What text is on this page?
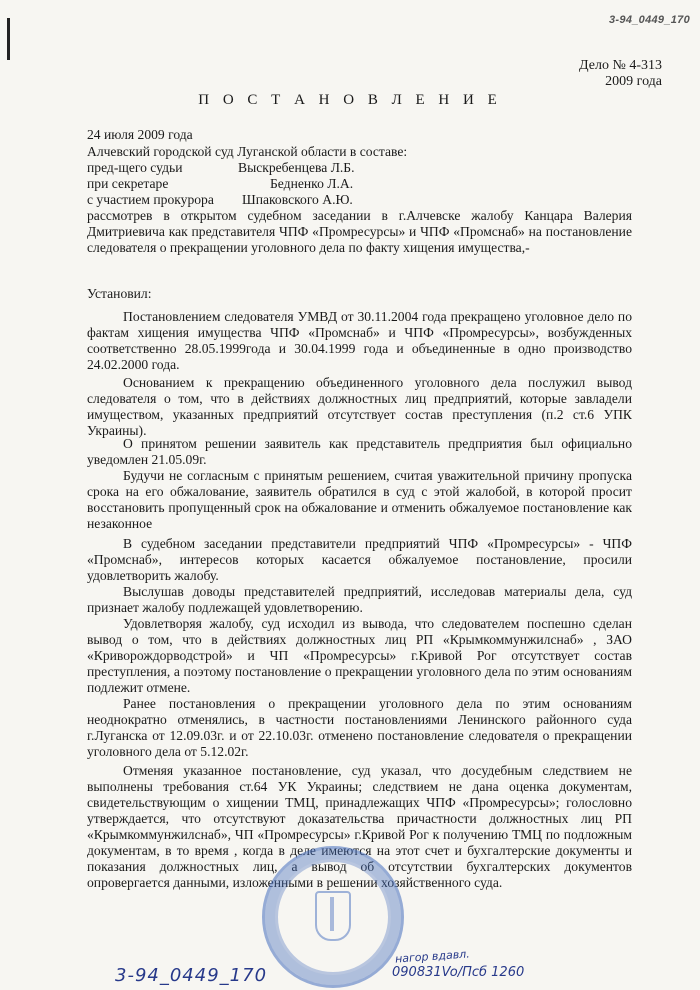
3-94_0449_170
Дело № 4-313
2009 года
П О С Т А Н О В Л Е Н И Е
24 июля 2009 года
Алчевский городской суд Луганской области в составе:
пред-щего судьи	Выскребенцева Л.Б.
при секретаре	Бедненко Л.А.
с участием прокурора Шпаковского А.Ю.
рассмотрев в открытом судебном заседании в г.Алчевске жалобу Канцара Валерия Дмитриевича как представителя ЧПФ «Промресурсы» и ЧПФ «Промснаб» на постановление следователя о прекращении уголовного дела по факту хищения имущества,-
Установил:
Постановлением следователя УМВД от 30.11.2004 года прекращено уголовное дело по фактам хищения имущества ЧПФ «Промснаб» и ЧПФ «Промресурсы», возбужденных соответственно 28.05.1999года и 30.04.1999 года и объединенные в одно производство 24.02.2000 года.
Основанием к прекращению объединенного уголовного дела послужил вывод следователя о том, что в действиях должностных лиц предприятий, которые завладели имуществом, указанных предприятий отсутствует состав преступления (п.2 ст.6 УПК Украины).
О принятом решении заявитель как представитель предприятия был официально уведомлен 21.05.09г.
Будучи не согласным с принятым решением, считая уважительной причину пропуска срока на его обжалование, заявитель обратился в суд с этой жалобой, в которой просит восстановить пропущенный срок на обжалование и отменить обжалуемое постановление как незаконное
В судебном заседании представители предприятий ЧПФ «Промресурсы» - ЧПФ «Промснаб», интересов которых касается обжалуемое постановление, просили удовлетворить жалобу.
Выслушав доводы представителей предприятий, исследовав материалы дела, суд признает жалобу подлежащей удовлетворению.
Удовлетворяя жалобу, суд исходил из вывода, что следователем поспешно сделан вывод о том, что в действиях должностных лиц РП «Крымкоммунжилснаб» , ЗАО «Криворождорводстрой» и ЧП «Промресурсы» г.Кривой Рог отсутствует состав преступления, а поэтому постановление о прекращении уголовного дела по этим основаниям подлежит отмене.
Ранее постановления о прекращении уголовного дела по этим основаниям неоднократно отменялись, в частности постановлениями Ленинского районного суда г.Луганска от 12.09.03г. и от 22.10.03г. отменено постановление следователя о прекращении уголовного дела от 5.12.02г.
Отменяя указанное постановление, суд указал, что досудебным следствием не выполнены требования ст.64 УК Украины; следствием не дана оценка документам, свидетельствующим о хищении ТМЦ, принадлежащих ЧПФ «Промресурсы»; голословно утверждается, что отсутствуют доказательства причастности должностных лиц РП «Крымкоммунжилснаб», ЧП «Промресурсы» г.Кривой Рог к получению ТМЦ по подложным документам, в то время , когда в деле имеются на этот счет и бухгалтерские документы и показания должностных лиц, а вывод об отсутствии бухгалтерских документов опровергается данными, изложенными в решении хозяйственного суда.
3-94_0449_170
нагор вдавл.
090831Vo/Пcб 1260
